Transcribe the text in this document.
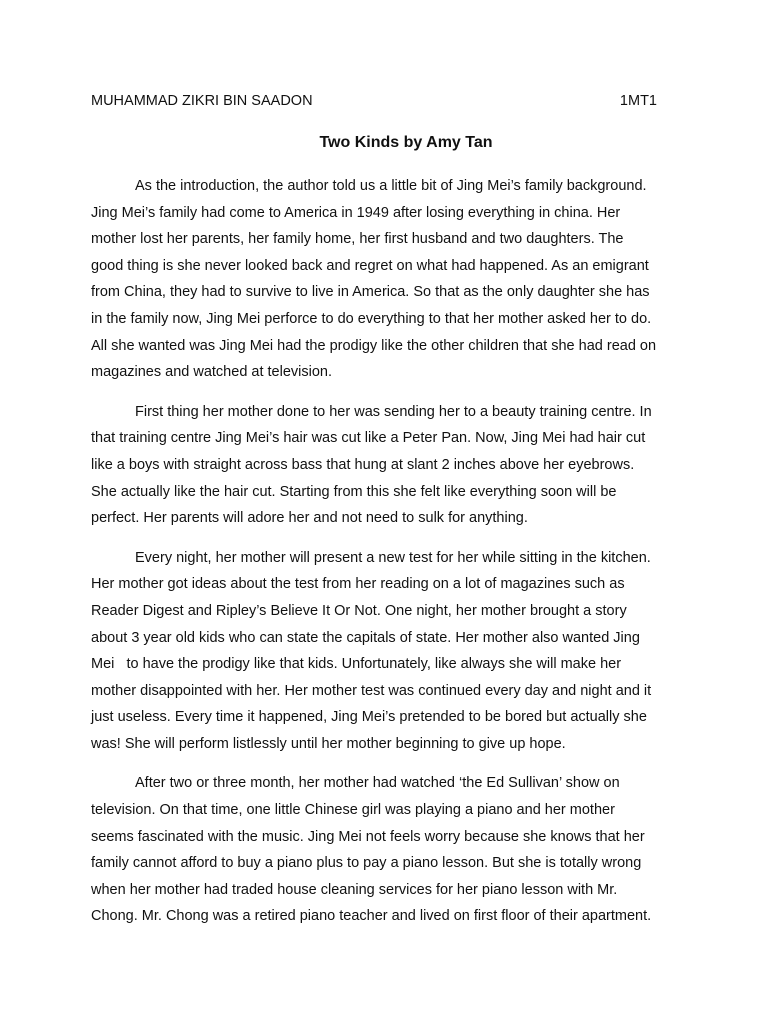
MUHAMMAD ZIKRI BIN SAADON	1MT1
Two Kinds by Amy Tan
As the introduction, the author told us a little bit of Jing Mei’s family background.
Jing Mei’s family had come to America in 1949 after losing everything in china. Her
mother lost her parents, her family home, her first husband and two daughters. The
good thing is she never looked back and regret on what had happened. As an emigrant
from China, they had to survive to live in America. So that as the only daughter she has
in the family now, Jing Mei perforce to do everything to that her mother asked her to do.
All she wanted was Jing Mei had the prodigy like the other children that she had read on
magazines and watched at television.
First thing her mother done to her was sending her to a beauty training centre. In
that training centre Jing Mei’s hair was cut like a Peter Pan. Now, Jing Mei had hair cut
like a boys with straight across bass that hung at slant 2 inches above her eyebrows.
She actually like the hair cut. Starting from this she felt like everything soon will be
perfect. Her parents will adore her and not need to sulk for anything.
Every night, her mother will present a new test for her while sitting in the kitchen.
Her mother got ideas about the test from her reading on a lot of magazines such as
Reader Digest and Ripley’s Believe It Or Not. One night, her mother brought a story
about 3 year old kids who can state the capitals of state. Her mother also wanted Jing
Mei   to have the prodigy like that kids. Unfortunately, like always she will make her
mother disappointed with her. Her mother test was continued every day and night and it
just useless. Every time it happened, Jing Mei’s pretended to be bored but actually she
was! She will perform listlessly until her mother beginning to give up hope.
After two or three month, her mother had watched ‘the Ed Sullivan’ show on
television. On that time, one little Chinese girl was playing a piano and her mother
seems fascinated with the music. Jing Mei not feels worry because she knows that her
family cannot afford to buy a piano plus to pay a piano lesson. But she is totally wrong
when her mother had traded house cleaning services for her piano lesson with Mr.
Chong. Mr. Chong was a retired piano teacher and lived on first floor of their apartment.
